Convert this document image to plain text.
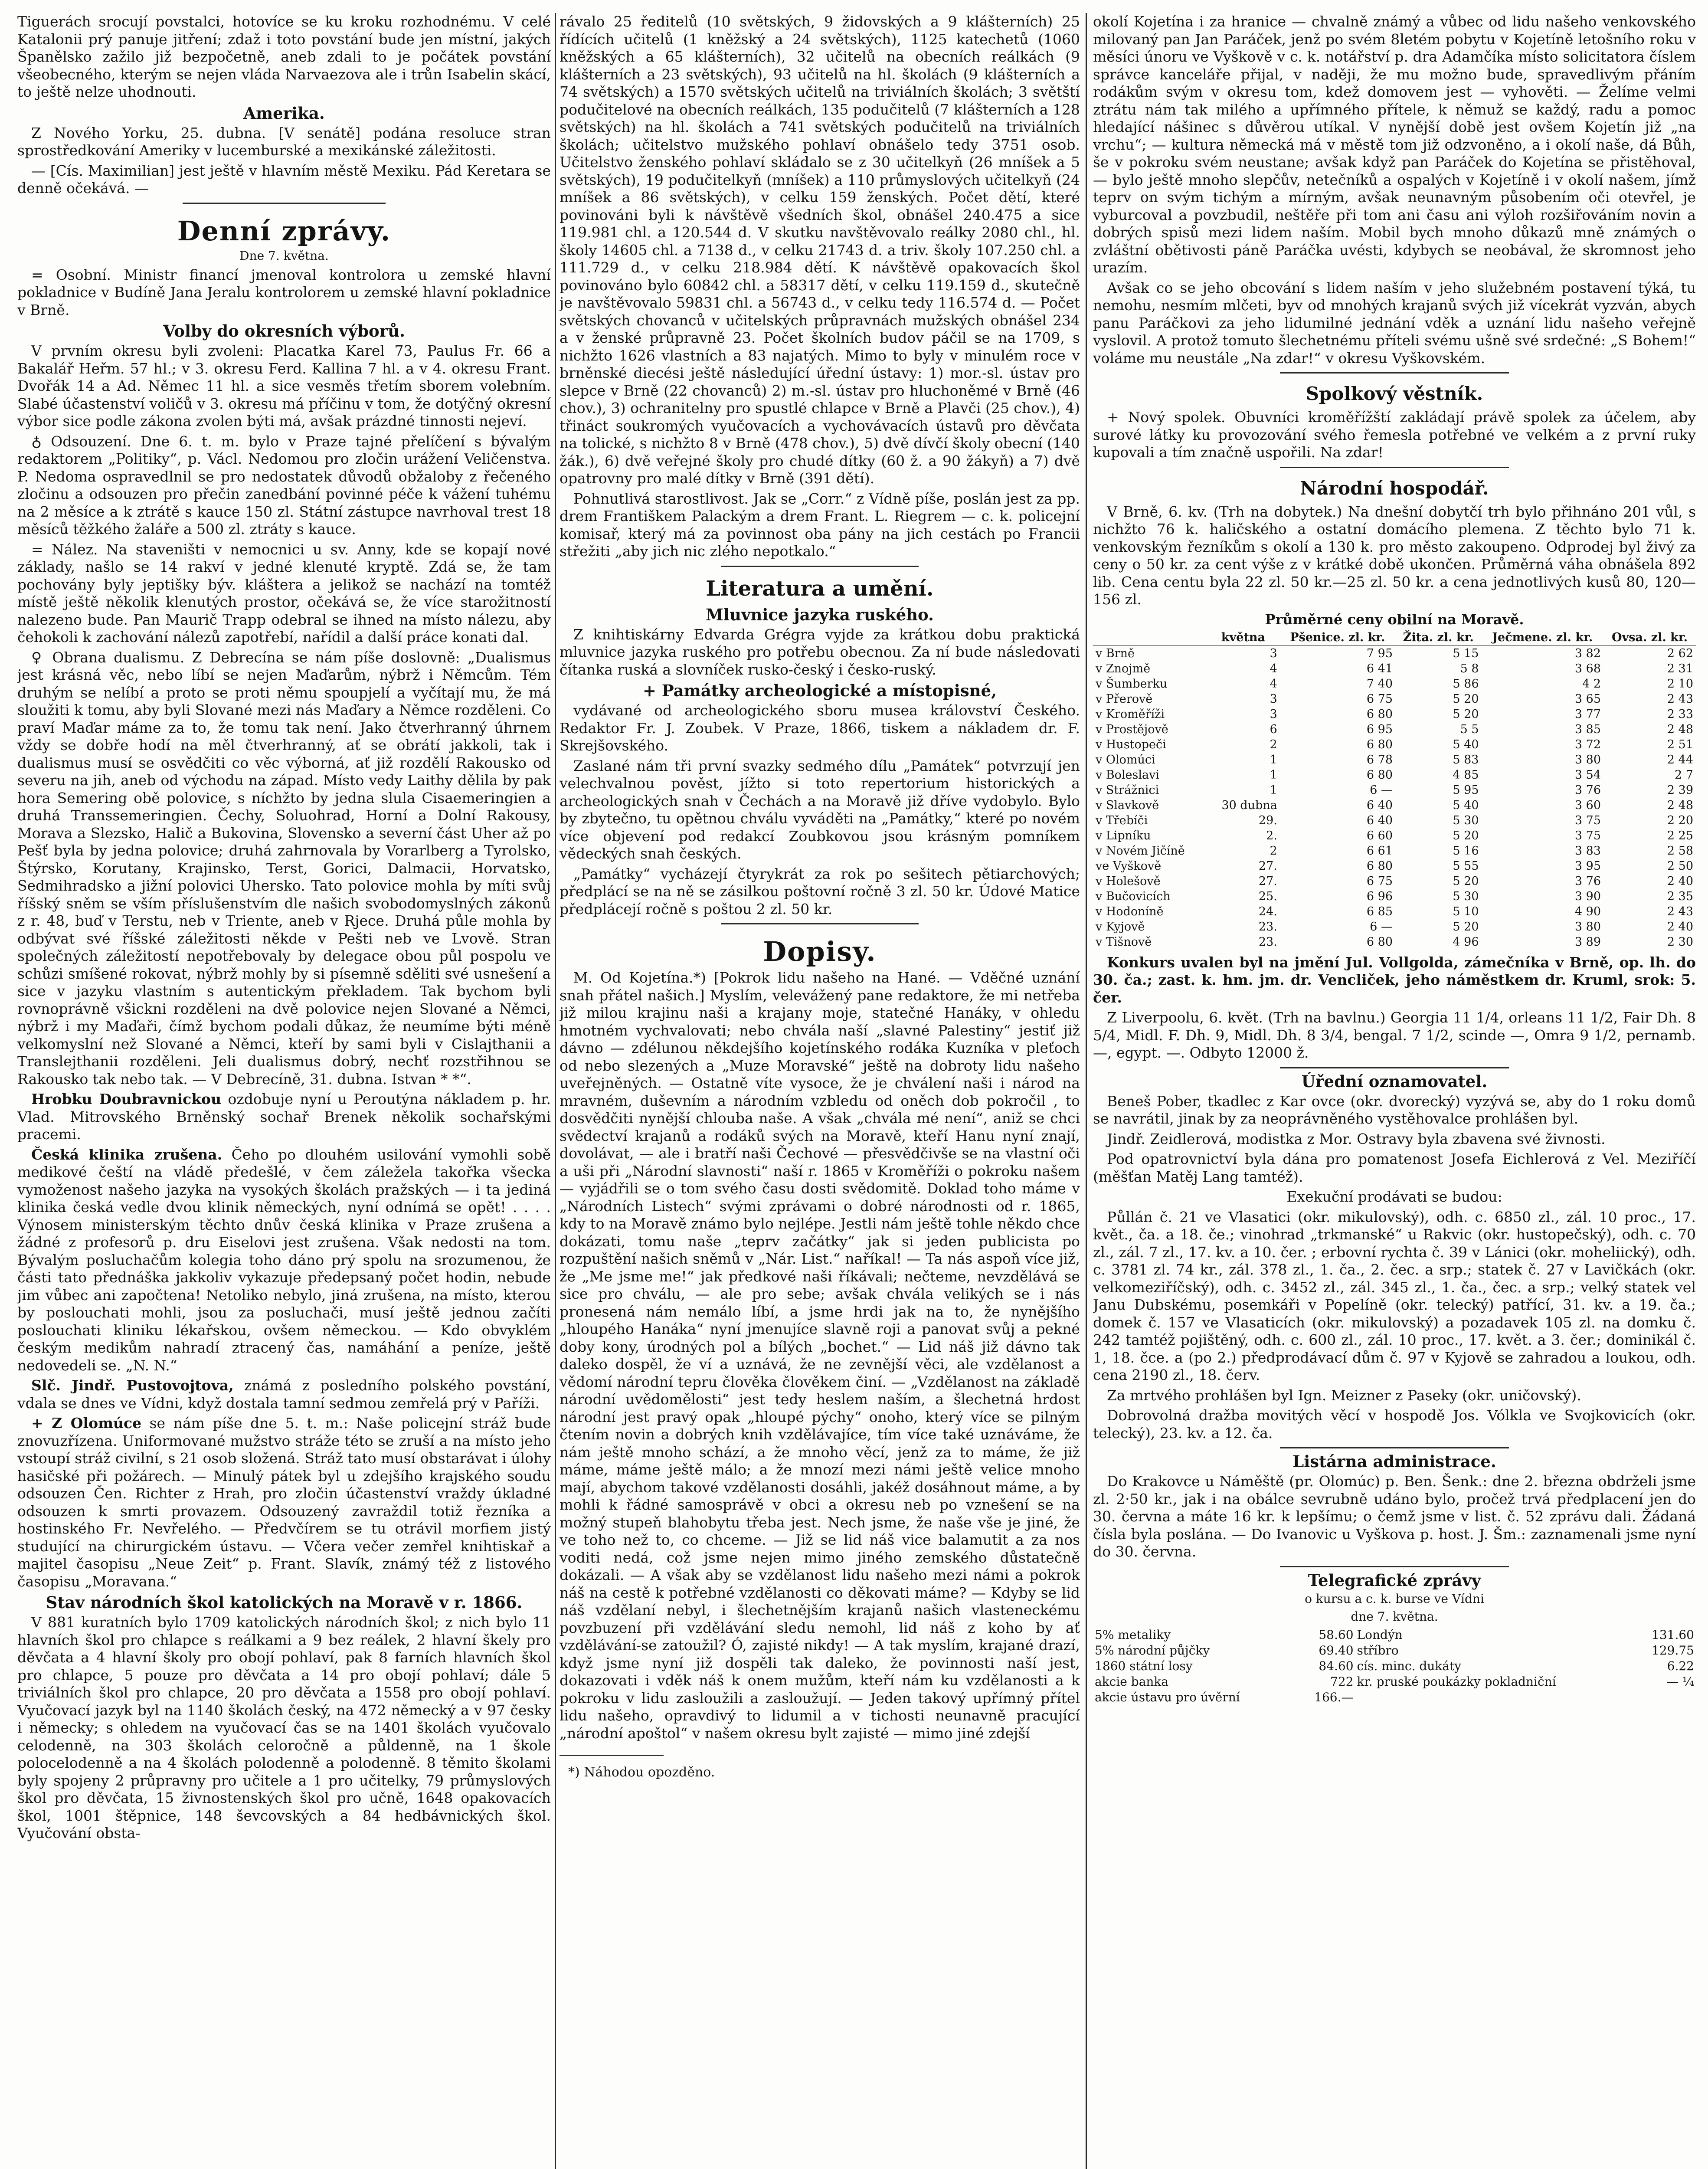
Tiguerách srocují povstalci, hotovíce se ku kroku rozhodnému. V celé Katalonii prý panuje jitření; zdaž i toto povstání bude jen místní, jakých Španělsko zažilo již bezpočetně, aneb zdali to je počátek povstání všeobecného, kterým se nejen vláda Narvaezova ale i trůn Isabelin skácí, to ještě nelze uhodnouti.

Amerika.

Z Nového Yorku, 25. dubna. [V senátě] podána resoluce stran sprostředkování Ameriky v lucemburské a mexikánské záležitosti.

— [Cís. Maximilian] jest ještě v hlavním městě Mexiku. Pád Keretara se denně očekává. —

Denní zprávy.
Dne 7. května.

= Osobní. Ministr financí jmenoval kontrolora u zemské hlavní pokladnice v Budíně Jana Jeralu kontrolorem u zemské hlavní pokladnice v Brně.

Volby do okresních výborů.

V prvním okresu byli zvoleni: Placatka Karel 73, Paulus Fr. 66 a Bakalář Heřm. 57 hl.; v 3. okresu Ferd. Kallina 7 hl. a v 4. okresu Frant. Dvořák 14 a Ad. Němec 11 hl. a sice vesměs třetím sborem volebním. Slabé účastenství voličů v 3. okresu má příčinu v tom, že dotýčný okresní výbor sice podle zákona zvolen býti má, avšak prázdné tinnosti nejeví.

♁ Odsouzení. Dne 6. t. m. bylo v Praze tajné přelíčení s bývalým redaktorem „Politiky“, p. Václ. Nedomou pro zločin urážení Veličenstva. P. Nedoma ospravedlnil se pro nedostatek důvodů obžaloby z řečeného zločinu a odsouzen pro přečin zanedbání povinné péče k vážení tuhému na 2 měsíce a k ztrátě s kauce 150 zl. Státní zástupce navrhoval trest 18 měsíců těžkého žaláře a 500 zl. ztráty s kauce.

= Nález. Na staveništi v nemocnici u sv. Anny, kde se kopají nové základy, našlo se 14 rakví v jedné klenuté kryptě. Zdá se, že tam pochovány byly jeptišky býv. kláštera a jelikož se nachází na tomtéž místě ještě několik klenutých prostor, očekává se, že více starožitností nalezeno bude. Pan Maurič Trapp odebral se ihned na místo nálezu, aby čehokoli k zachování nálezů zapotřebí, nařídil a další práce konati dal.

♀ Obrana dualismu. Z Debrecína se nám píše doslovně: „Dualismus jest krásná věc, nebo líbí se nejen Maďarům, nýbrž i Němcům. Tém druhým se nelíbí a proto se proti němu spoupjelí a vyčítají mu, že má sloužiti k tomu, aby byli Slované mezi nás Maďary a Němce rozděleni. Co praví Maďar máme za to, že tomu tak není. Jako čtverhranný úhrnem vždy se dobře hodí na měl čtverhranný, ať se obrátí jakkoli, tak i dualismus musí se osvědčiti co věc výborná, ať již rozdělí Rakousko od severu na jih, aneb od východu na západ. Místo vedy Laithy dělila by pak hora Semering obě polovice, s níchžto by jedna slula Cisaemeringien a druhá Transsemeringien. Čechy, Soluohrad, Horní a Dolní Rakousy, Morava a Slezsko, Halič a Bukovina, Slovensko a severní část Uher až po Pešť byla by jedna polovice; druhá zahrnovala by Vorarlberg a Tyrolsko, Štýrsko, Korutany, Krajinsko, Terst, Gorici, Dalmacii, Horvatsko, Sedmihradsko a jižní polovici Uhersko. Tato polovice mohla by míti svůj říšský sněm se vším příslušenstvím dle našich svobodomyslných zákonů z r. 48, buď v Terstu, neb v Triente, aneb v Rjece. Druhá půle mohla by odbývat své říšské záležitosti někde v Pešti neb ve Lvově. Stran společných záležitostí nepotřebovaly by delegace obou půl pospolu ve schůzi smíšené rokovat, nýbrž mohly by si písemně sděliti své usnešení a sice v jazyku vlastním s autentickým překladem. Tak bychom byli rovnoprávně všickni rozděleni na dvě polovice nejen Slované a Němci, nýbrž i my Maďaři, čímž bychom podali důkaz, že neumíme býti méně velkomyslní než Slované a Němci, kteří by sami byli v Cislajthanii a Translejthanii rozděleni. Jeli dualismus dobrý, nechť rozstřihnou se Rakousko tak nebo tak. — V Debrecíně, 31. dubna. Istvan * *“.

Hrobku Doubravnickou ozdobuje nyní u Peroutýna nákladem p. hr. Vlad. Mitrovského Brněnský sochař Brenek několik sochařskými pracemi.

Česká klinika zrušena. Čeho po dlouhém usilování vymohli sobě medikové čeští na vládě předešlé, v čem záležela takořka všecka vymoženost našeho jazyka na vysokých školách pražských — i ta jediná klinika česká vedle dvou klinik německých, nyní odnímá se opět! . . . . Výnosem ministerským těchto dnův česká klinika v Praze zrušena a žádné z profesorů p. dru Eiselovi jest zrušena. Však nedosti na tom. Bývalým posluchačům kolegia toho dáno prý spolu na srozumenou, že části tato přednáška jakkoliv vykazuje předepsaný počet hodin, nebude jim vůbec ani započtena! Netoliko nebylo, jiná zrušena, na místo, kterou by poslouchati mohli, jsou za posluchači, musí ještě jednou začíti poslouchati kliniku lékařskou, ovšem německou. — Kdo obvyklém českým medikům nahradí ztracený čas, namáhání a peníze, ještě nedovedeli se. „N. N.“

Slč. Jindř. Pustovojtova, známá z posledního polského povstání, vdala se dnes ve Vídni, když dostala tamní sedmou zemřelá prý v Paříži.

+ Z Olomúce se nám píše dne 5. t. m.: Naše policejní stráž bude znovuzřízena. Uniformované mužstvo stráže této se zruší a na místo jeho vstoupí stráž civilní, s 21 osob složená. Stráž tato musí obstarávat i úlohy hasičské při požárech. — Minulý pátek byl u zdejšího krajského soudu odsouzen Čen. Richter z Hrah, pro zločin účastenství vraždy úkladné odsouzen k smrti provazem. Odsouzený zavraždil totiž řezníka a hostinského Fr. Nevřelého. — Předvčírem se tu otrávil morfiem jistý studující na chirurgickém ústavu. — Včera večer zemřel knihtiskař a majitel časopisu „Neue Zeit“ p. Frant. Slavík, známý též z listového časopisu „Moravana.“

Stav národních škol katolických na Moravě v r. 1866.

V 881 kuratních bylo 1709 katolických národních škol; z nich bylo 11 hlavních škol pro chlapce s reálkami a 9 bez reálek, 2 hlavní škely pro děvčata a 4 hlavní školy pro obojí pohlaví, pak 8 farních hlavních škol pro chlapce, 5 pouze pro děvčata a 14 pro obojí pohlaví; dále 5 triviálních škol pro chlapce, 20 pro děvčata a 1558 pro obojí pohlaví. Vyučovací jazyk byl na 1140 školách český, na 472 německý a v 97 česky i německy; s ohledem na vyučovací čas se na 1401 školách vyučovalo celodenně, na 303 školách celoročně a půldenně, na 1 škole polocelodenně a na 4 školách polodenně a polodenně. 8 těmito školami byly spojeny 2 průpravny pro učitele a 1 pro učitelky, 79 průmyslových škol pro děvčata, 15 živnostenských škol pro učně, 1648 opakovacích škol, 1001 štěpnice, 148 ševcovských a 84 hedbávnických škol. Vyučování obsta-

rávalo 25 ředitelů (10 světských, 9 židovských a 9 klášterních) 25 řídících učitelů (1 kněžský a 24 světských), 1125 katechetů (1060 kněžských a 65 klášterních), 32 učitelů na obecních reálkách (9 klášterních a 23 světských), 93 učitelů na hl. školách (9 klášterních a 74 světských) a 1570 světských učitelů na triviálních školách; 3 světští podučitelové na obecních reálkách, 135 podučitelů (7 klášterních a 128 světských) na hl. školách a 741 světských podučitelů na triviálních školách; učitelstvo mužského pohlaví obnášelo tedy 3751 osob. Učitelstvo ženského pohlaví skládalo se z 30 učitelkyň (26 mníšek a 5 světských), 19 podučitelkyň (mníšek) a 110 průmyslových učitelkyň (24 mníšek a 86 světských), v celku 159 ženských. Počet dětí, které povinováni byli k návštěvě všedních škol, obnášel 240.475 a sice 119.981 chl. a 120.544 d. V skutku navštěvovalo reálky 2080 chl., hl. školy 14605 chl. a 7138 d., v celku 21743 d. a triv. školy 107.250 chl. a 111.729 d., v celku 218.984 dětí. K návštěvě opakovacích škol povinováno bylo 60842 chl. a 58317 dětí, v celku 119.159 d., skutečně je navštěvovalo 59831 chl. a 56743 d., v celku tedy 116.574 d. — Počet světských chovanců v učitelských průpravnách mužských obnášel 234 a v ženské průpravně 23. Počet školních budov páčil se na 1709, s nichžto 1626 vlastních a 83 najatých. Mimo to byly v minulém roce v brněnské diecési ještě následující úřední ústavy: 1) mor.-sl. ústav pro slepce v Brně (22 chovanců) 2) m.-sl. ústav pro hluchoněmé v Brně (46 chov.), 3) ochranitelny pro spustlé chlapce v Brně a Plavči (25 chov.), 4) třináct soukromých vyučovacích a vychovávacích ústavů pro děvčata na tolické, s nichžto 8 v Brně (478 chov.), 5) dvě dívčí školy obecní (140 žák.), 6) dvě veřejné školy pro chudé dítky (60 ž. a 90 žákyň) a 7) dvě opatrovny pro malé dítky v Brně (391 dětí).

Pohnutlivá starostlivost. Jak se „Corr.“ z Vídně píše, poslán jest za pp. drem Františkem Palackým a drem Frant. L. Riegrem — c. k. policejní komisař, který má za povinnost oba pány na jich cestách po Francii střežiti „aby jich nic zlého nepotkalo.“

Literatura a umění.
Mluvnice jazyka ruského.

Z knihtiskárny Edvarda Grégra vyjde za krátkou dobu praktická mluvnice jazyka ruského pro potřebu obecnou. Za ní bude následovati čítanka ruská a slovníček rusko-český i česko-ruský.

+ Památky archeologické a místopisné,

vydávané od archeologického sboru musea království Českého. Redaktor Fr. J. Zoubek. V Praze, 1866, tiskem a nákladem dr. F. Skrejšovského.

Zaslané nám tři první svazky sedmého dílu „Památek“ potvrzují jen velechvalnou pověst, jížto si toto repertorium historických a archeologických snah v Čechách a na Moravě již dříve vydobylo. Bylo by zbytečno, tu opětnou chválu vyváděti na „Památky,“ které po novém více objevení pod redakcí Zoubkovou jsou krásným pomníkem vědeckých snah českých.

„Památky“ vycházejí čtyrykrát za rok po sešitech pětiarchových; předplácí se na ně se zásilkou poštovní ročně 3 zl. 50 kr. Údové Matice předplácejí ročně s poštou 2 zl. 50 kr.

Dopisy.

M. Od Kojetína.*) [Pokrok lidu našeho na Hané. — Vděčné uznání snah přátel našich.] Myslím, velevážený pane redaktore, že mi netřeba již milou krajinu naši a krajany moje, statečné Hanáky, v ohledu hmotném vychvalovati; nebo chvála naší „slavné Palestiny“ jestiť již dávno — zdélunou někdejšího kojetínského rodáka Kuzníka v pleťoch od nebo slezených a „Muze Moravské“ ještě na dobroty lidu našeho uveřejněných. — Ostatně víte vysoce, že je chválení naši i národ na mravném, duševním a národním vzbledu od oněch dob pokročil , to dosvědčiti nynější chlouba naše. A však „chvála mé není“, aniž se chci svědectví krajanů a rodáků svých na Moravě, kteří Hanu nyní znají, dovolávat, — ale i bratří naši Čechové — přesvědčivše se na vlastní oči a uši při „Národní slavnosti“ naší r. 1865 v Kroměříži o pokroku našem — vyjádřili se o tom svého času dosti svědomitě. Doklad toho máme v „Národních Listech“ svými zprávami o dobré národnosti od r. 1865, kdy to na Moravě známo bylo nejlépe. Jestli nám ještě tohle někdo chce dokázati, tomu naše „teprv začátky“ jak si jeden publicista po rozpuštění našich sněmů v „Nár. List.“ naříkal! — Ta nás aspoň více již, že „Me jsme me!“ jak předkové naši říkávali; nečteme, nevzdělává se sice pro chválu, — ale pro sebe; avšak chvála velikých se i nás pronesená nám nemálo líbí, a jsme hrdi jak na to, že nynějšího „hloupého Hanáka“ nyní jmenujíce slavně roji a panovat svůj a pekné doby kony, úrodných pol a bílých „bochet.“ — Lid náš již dávno tak daleko dospěl, že ví a uznává, že ne zevnější věci, ale vzdělanost a vědomí národní tepru člověka člověkem činí. — „Vzdělanost na základě národní uvědomělosti“ jest tedy heslem naším, a šlechetná hrdost národní jest pravý opak „hloupé pýchy“ onoho, který více se pilným čtením novin a dobrých knih vzdělávajíce, tím více také uznáváme, že nám ještě mnoho schází, a že mnoho věcí, jenž za to máme, že již máme, máme ještě málo; a že mnozí mezi námi ještě velice mnoho mají, abychom takové vzdělanosti dosáhli, jakéž dosáhnout máme, a by mohli k řádné samosprávě v obci a okresu neb po vznešení se na možný stupeň blahobytu třeba jest. Nech jsme, že naše vše je jiné, že ve toho než to, co chceme. — Již se lid náš vice balamutit a za nos voditi nedá, což jsme nejen mimo jiného zemského důstatečně dokázali. — A však aby se vzdělanost lidu našeho mezi námi a pokrok náš na cestě k potřebné vzdělanosti co děkovati máme? — Kdyby se lid náš vzdělaní nebyl, i šlechetnějším krajanů našich vlasteneckému povzbuzení při vzdělávání sledu nemohl, lid náš z koho by ať vzdělávání-se zatoužil? Ó, zajisté nikdy! — A tak myslím, krajané drazí, když jsme nyní již dospěli tak daleko, že povinnosti naší jest, dokazovati i vděk náš k onem mužům, kteří nám ku vzdělanosti a k pokroku v lidu zasloužili a zasloužují. — Jeden takový upřímný přítel lidu našeho, opravdivý to lidumil a v tichosti neunavně pracující „národní apoštol“ v našem okresu bylt zajisté — mimo jiné zdejší

*) Náhodou opozděno.

okolí Kojetína i za hranice — chvalně známý a vůbec od lidu našeho venkovského milovaný pan Jan Paráček, jenž po svém 8letém pobytu v Kojetíně letošního roku v měsíci únoru ve Vyškově v c. k. notářství p. dra Adamčíka místo solicitatora číslem správce kanceláře přijal, v naději, že mu možno bude, spravedlivým přáním rodákům svým v okresu tom, kdež domovem jest — vyhověti. — Želíme velmi ztrátu nám tak milého a upřímného přítele, k němuž se každý, radu a pomoc hledající nášinec s důvěrou utíkal. V nynější době jest ovšem Kojetín již „na vrchu“; — kultura německá má v městě tom již odzvoněno, a i okolí naše, dá Bůh, še v pokroku svém neustane; avšak když pan Paráček do Kojetína se přistěhoval, — bylo ještě mnoho slepčův, netečníků a ospalých v Kojetíně i v okolí našem, jímž teprv on svým tichým a mírným, avšak neunavným působením oči otevřel, je vyburcoval a povzbudil, neštěře při tom ani času ani výloh rozšiřováním novin a dobrých spisů mezi lidem naším. Mobil bych mnoho důkazů mně známých o zvláštní obětivosti páně Paráčka uvésti, kdybych se neobával, že skromnost jeho urazím.

Avšak co se jeho obcování s lidem naším v jeho služebném postavení týká, tu nemohu, nesmím mlčeti, byv od mnohých krajanů svých již vícekrát vyzván, abych panu Paráčkovi za jeho lidumilné jednání vděk a uznání lidu našeho veřejně vyslovil. A protož tomuto šlechetnému příteli svému ušně své srdečné: „S Bohem!“ voláme mu neustále „Na zdar!“ v okresu Vyškovském.

Spolkový věstník.

+ Nový spolek. Obuvníci kroměřížští zakládají právě spolek za účelem, aby surové látky ku provozování svého řemesla potřebné ve velkém a z první ruky kupovali a tím značně uspořili. Na zdar!

Národní hospodář.

V Brně, 6. kv. (Trh na dobytek.) Na dnešní dobytčí trh bylo přihnáno 201 vůl, s nichžto 76 k. haličského a ostatní domácího plemena. Z těchto bylo 71 k. venkovským řezníkům s okolí a 130 k. pro město zakoupeno. Odprodej byl živý za ceny o 50 kr. za cent výše z v krátké době ukončen. Průměrná váha obnášela 892 lib. Cena centu byla 22 zl. 50 kr.—25 zl. 50 kr. a cena jednotlivých kusů 80, 120—156 zl.

Průměrné ceny obilní na Moravě.
	května	Pšenice. zl. kr.	Žita. zl. kr.	Ječmene. zl. kr.	Ovsa. zl. kr.
v Brně	3	7 95	5 15	3 82	2 62
v Znojmě	4	6 41	5 8	3 68	2 31
v Šumberku	4	7 40	5 86	4 2	2 10
v Přerově	3	6 75	5 20	3 65	2 43
v Kroměříži	3	6 80	5 20	3 77	2 33
v Prostějově	6	6 95	5 5	3 85	2 48
v Hustopeči	2	6 80	5 40	3 72	2 51
v Olomúci	1	6 78	5 83	3 80	2 44
v Boleslavi	1	6 80	4 85	3 54	2 7
v Strážnici	1	6 —	5 95	3 76	2 39
v Slavkově	30 dubna	6 40	5 40	3 60	2 48
v Třebíči	29.	6 40	5 30	3 75	2 20
v Lipníku	2.	6 60	5 20	3 75	2 25
v Novém Jičíně	2	6 61	5 16	3 83	2 58
ve Vyškově	27.	6 80	5 55	3 95	2 50
v Holešově	27.	6 75	5 20	3 76	2 40
v Bučovicích	25.	6 96	5 30	3 90	2 35
v Hodoníně	24.	6 85	5 10	4 90	2 43
v Kyjově	23.	6 —	5 20	3 80	2 40
v Tišnově	23.	6 80	4 96	3 89	2 30

Konkurs uvalen byl na jmění Jul. Vollgolda, zámečníka v Brně, op. lh. do 30. ča.; zast. k. hm. jm. dr. Vencliček, jeho náměstkem dr. Kruml, srok: 5. čer.

Z Liverpoolu, 6. květ. (Trh na bavlnu.) Georgia 11 1/4, orleans 11 1/2, Fair Dh. 8 5/4, Midl. F. Dh. 9, Midl. Dh. 8 3/4, bengal. 7 1/2, scinde —, Omra 9 1/2, pernamb. —, egypt. —. Odbyto 12000 ž.

Úřední oznamovatel.

Beneš Pober, tkadlec z Kar ovce (okr. dvorecký) vyzývá se, aby do 1 roku domů se navrátil, jinak by za neoprávněného vystěhovalce prohlášen byl.

Jindř. Zeidlerová, modistka z Mor. Ostravy byla zbavena své živnosti.

Pod opatrovnictví byla dána pro pomatenost Josefa Eichlerová z Vel. Meziříčí (měšťan Matěj Lang tamtéž).

Exekuční prodávati se budou:

Půllán č. 21 ve Vlasatici (okr. mikulovský), odh. c. 6850 zl., zál. 10 proc., 17. květ., ča. a 18. če.; vinohrad „trkmanské“ u Rakvic (okr. hustopečský), odh. c. 70 zl., zál. 7 zl., 17. kv. a 10. čer. ; erbovní rychta č. 39 v Lánici (okr. moheliický), odh. c. 3781 zl. 74 kr., zál. 378 zl., 1. ča., 2. čec. a srp.; statek č. 27 v Lavičkách (okr. velkomeziříčský), odh. c. 3452 zl., zál. 345 zl., 1. ča., čec. a srp.; velký statek vel Janu Dubskému, posemkáři v Popelíně (okr. telecký) patřící, 31. kv. a 19. ča.; domek č. 157 ve Vlasaticích (okr. mikulovský) a pozadavek 105 zl. na domku č. 242 tamtéž pojištěný, odh. c. 600 zl., zál. 10 proc., 17. květ. a 3. čer.; dominikál č. 1, 18. čce. a (po 2.) předprodávací dům č. 97 v Kyjově se zahradou a loukou, odh. cena 2190 zl., 18. červ.

Za mrtvého prohlášen byl Ign. Meizner z Paseky (okr. uničovský).

Dobrovolná dražba movitých věcí v hospodě Jos. Vólkla ve Svojkovicích (okr. telecký), 23. kv. a 12. ča.

Listárna administrace.

Do Krakovce u Náměště (pr. Olomúc) p. Ben. Šenk.: dne 2. března obdrželi jsme zl. 2·50 kr., jak i na obálce sevrubně udáno bylo, pročež trvá předplacení jen do 30. června a máte 16 kr. k lepšímu; o čemž jsme v list. č. 52 zprávu dali. Žádaná čísla byla poslána. — Do Ivanovic u Vyškova p. host. J. Šm.: zaznamenali jsme nyní do 30. června.

Telegrafické zprávy
o kursu a c. k. burse ve Vídni
dne 7. května.
5% metaliky	58.60	Londýn	131.60
5% národní půjčky	69.40	stříbro	129.75
1860 státní losy	84.60	cís. minc. dukáty	6.22
akcie banka	722	kr. pruské poukázky pokladniční	— ¼
akcie ústavu pro úvěrní	166.—		
